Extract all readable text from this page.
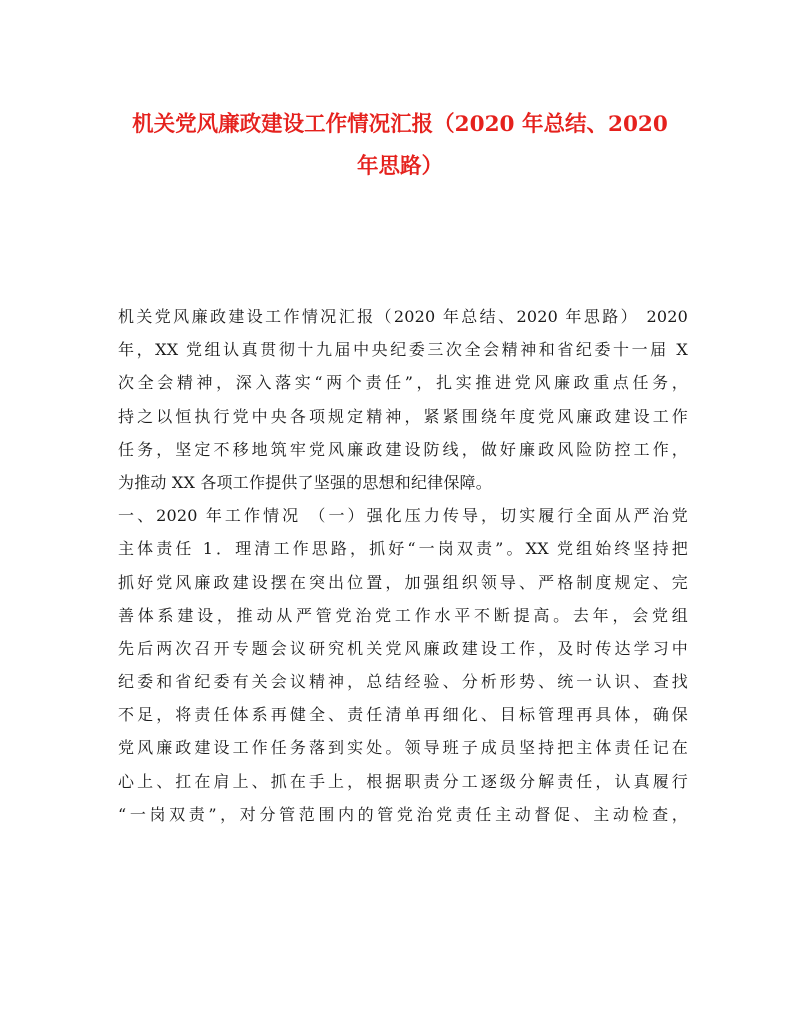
机关党风廉政建设工作情况汇报（2020 年总结、2020
年思路）
机关党风廉政建设工作情况汇报（2020 年总结、2020 年思路） 2020
年，XX 党组认真贯彻十九届中央纪委三次全会精神和省纪委十一届 X
次全会精神，深入落实“两个责任”，扎实推进党风廉政重点任务，
持之以恒执行党中央各项规定精神，紧紧围绕年度党风廉政建设工作
任务，坚定不移地筑牢党风廉政建设防线，做好廉政风险防控工作，
为推动 XX 各项工作提供了坚强的思想和纪律保障。
一、2020 年工作情况 （一）强化压力传导，切实履行全面从严治党
主体责任 1．理清工作思路，抓好“一岗双责”。XX 党组始终坚持把
抓好党风廉政建设摆在突出位置，加强组织领导、严格制度规定、完
善体系建设，推动从严管党治党工作水平不断提高。去年，会党组
先后两次召开专题会议研究机关党风廉政建设工作，及时传达学习中
纪委和省纪委有关会议精神，总结经验、分析形势、统一认识、查找
不足，将责任体系再健全、责任清单再细化、目标管理再具体，确保
党风廉政建设工作任务落到实处。领导班子成员坚持把主体责任记在
心上、扛在肩上、抓在手上，根据职责分工逐级分解责任，认真履行
“一岗双责”，对分管范围内的管党治党责任主动督促、主动检查，
